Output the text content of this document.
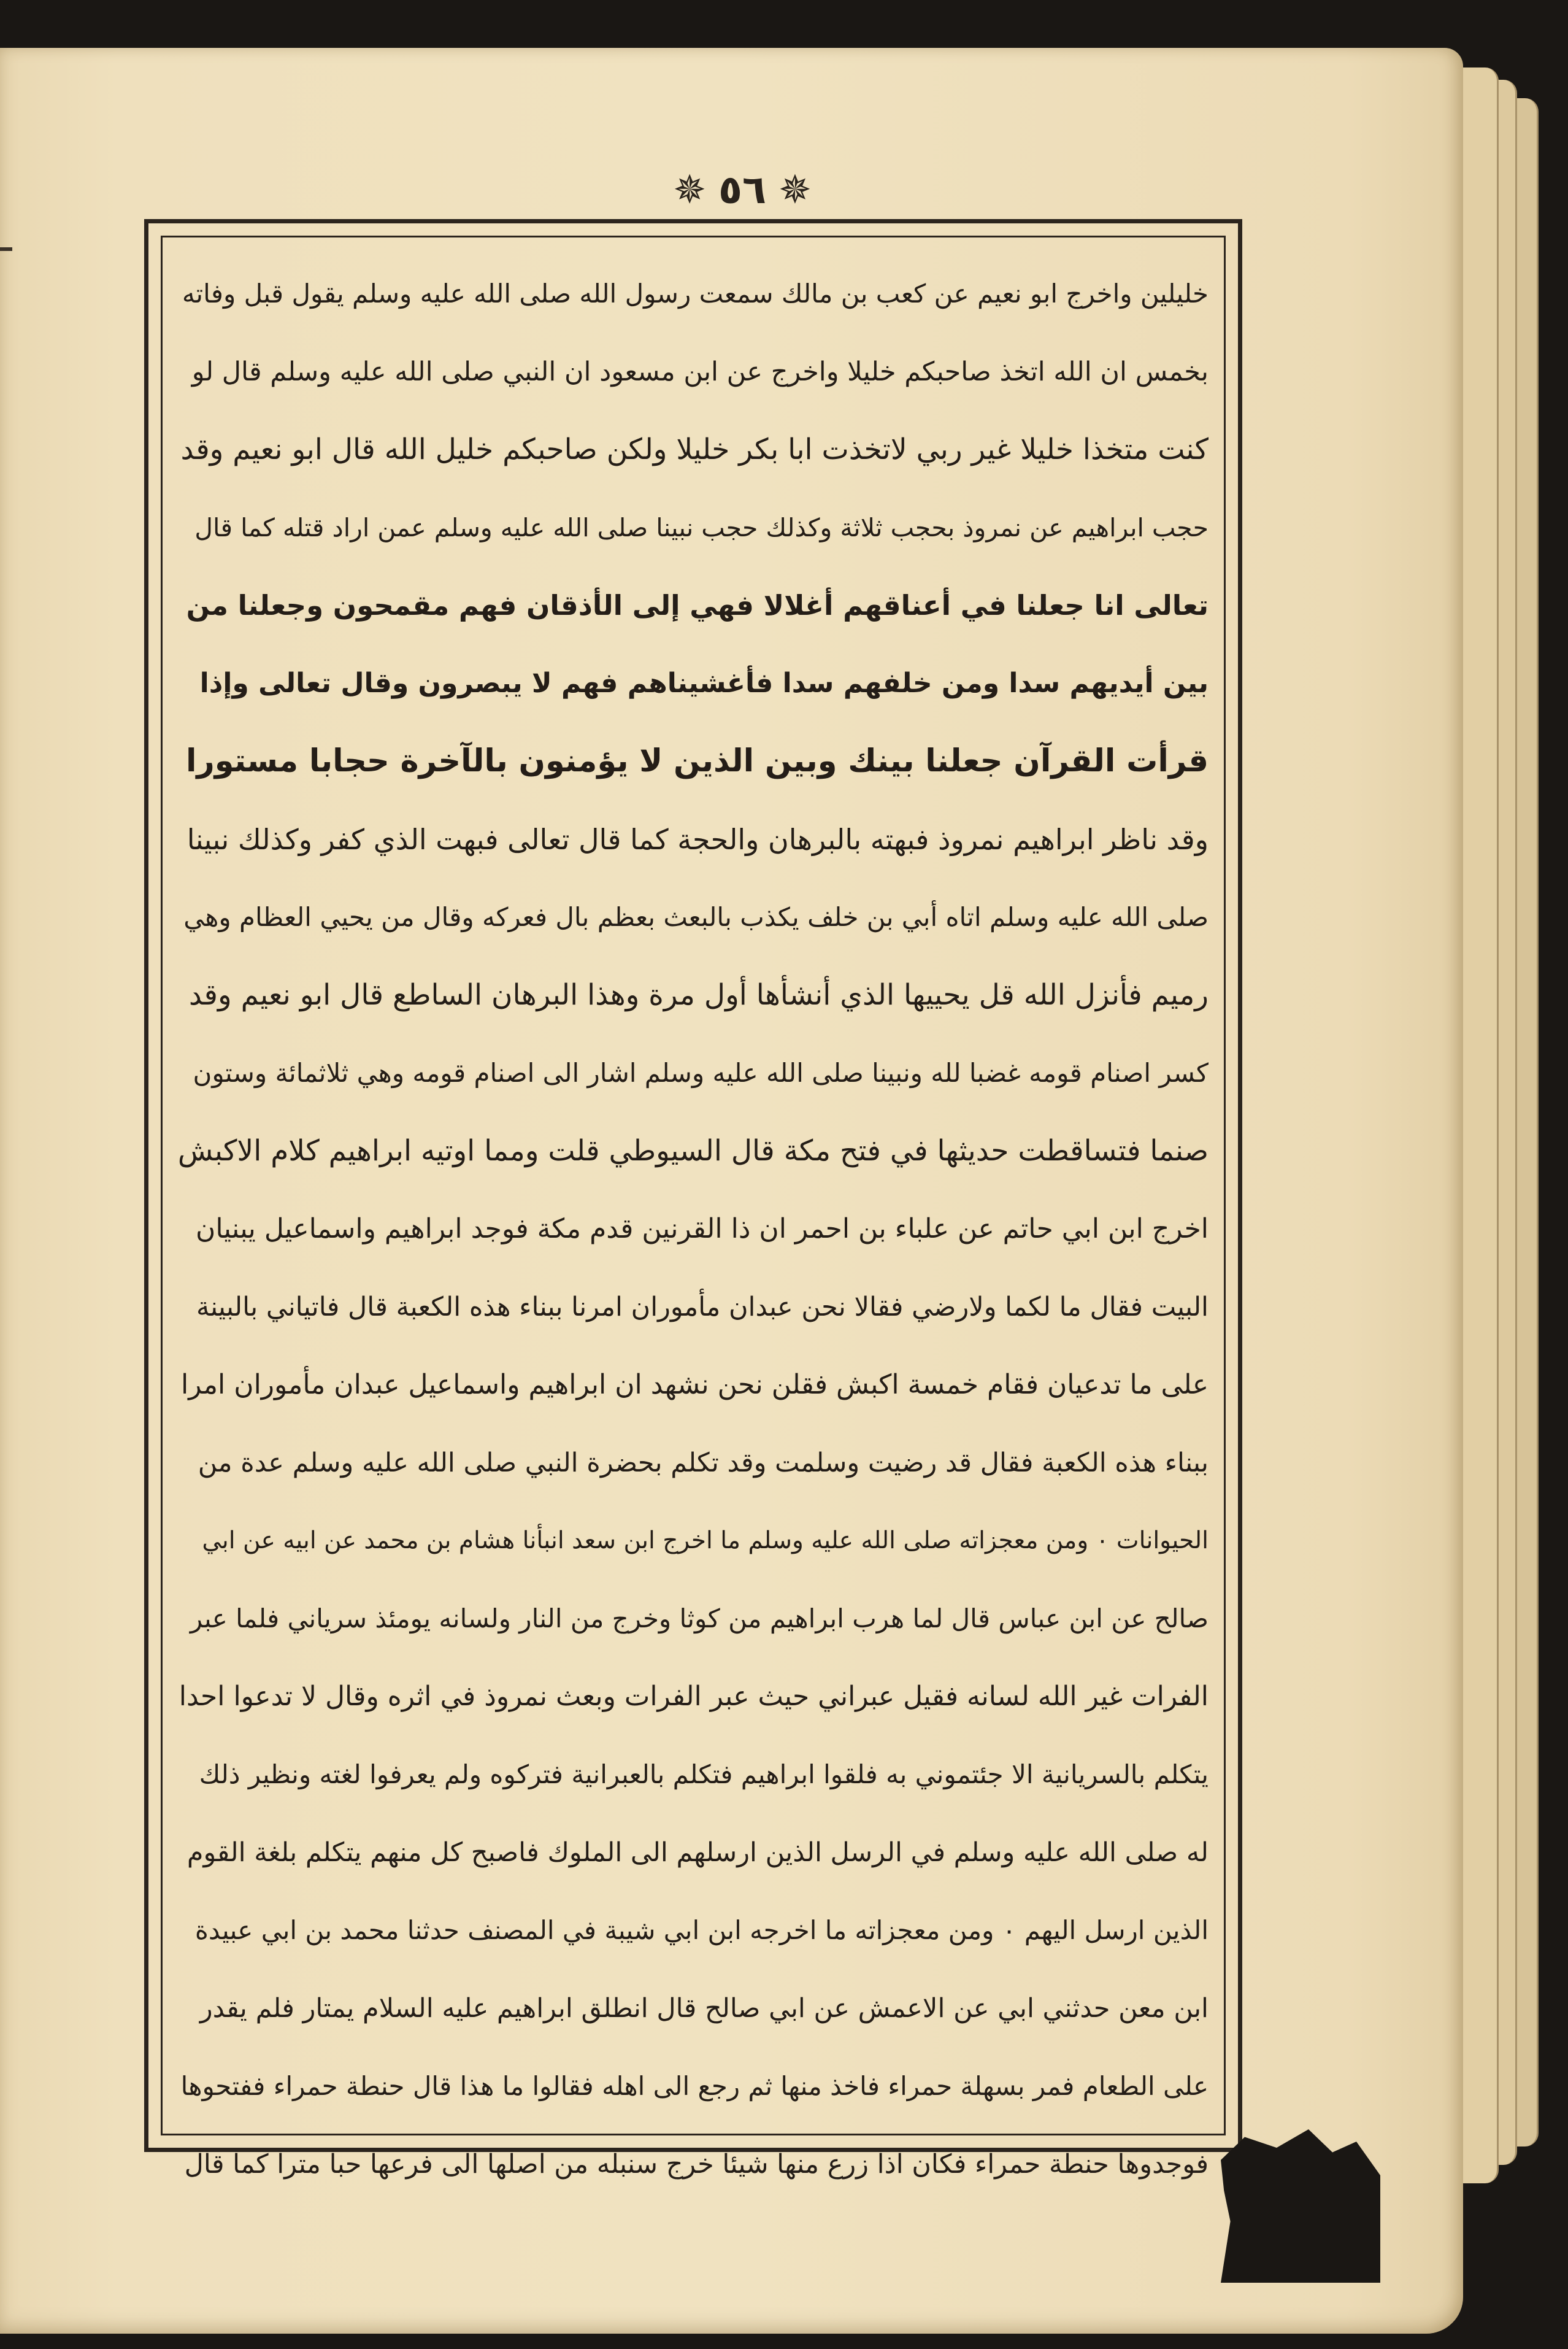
✵ ٥٦ ✵
خليلين واخرج ابو نعيم عن كعب بن مالك سمعت رسول الله صلى الله عليه وسلم يقول قبل وفاته
بخمس ان الله اتخذ صاحبكم خليلا واخرج عن ابن مسعود ان النبي صلى الله عليه وسلم قال لو
كنت متخذا خليلا غير ربي لاتخذت ابا بكر خليلا ولكن صاحبكم خليل الله قال ابو نعيم وقد
حجب ابراهيم عن نمروذ بحجب ثلاثة وكذلك حجب نبينا صلى الله عليه وسلم عمن اراد قتله كما قال
تعالى انا جعلنا في أعناقهم أغلالا فهي إلى الأذقان فهم مقمحون وجعلنا من
بين أيديهم سدا ومن خلفهم سدا فأغشيناهم فهم لا يبصرون وقال تعالى وإذا
قرأت القرآن جعلنا بينك وبين الذين لا يؤمنون بالآخرة حجابا مستورا
وقد ناظر ابراهيم نمروذ فبهته بالبرهان والحجة كما قال تعالى فبهت الذي كفر وكذلك نبينا
صلى الله عليه وسلم اتاه أبي بن خلف يكذب بالبعث بعظم بال فعركه وقال من يحيي العظام وهي
رميم فأنزل الله قل يحييها الذي أنشأها أول مرة وهذا البرهان الساطع قال ابو نعيم وقد
كسر اصنام قومه غضبا لله ونبينا صلى الله عليه وسلم اشار الى اصنام قومه وهي ثلاثمائة وستون
صنما فتساقطت حديثها في فتح مكة قال السيوطي قلت ومما اوتيه ابراهيم كلام الاكبش
اخرج ابن ابي حاتم عن علباء بن احمر ان ذا القرنين قدم مكة فوجد ابراهيم واسماعيل يبنيان
البيت فقال ما لكما ولارضي فقالا نحن عبدان مأموران امرنا ببناء هذه الكعبة قال فاتياني بالبينة
على ما تدعيان فقام خمسة اكبش فقلن نحن نشهد ان ابراهيم واسماعيل عبدان مأموران امرا
ببناء هذه الكعبة فقال قد رضيت وسلمت وقد تكلم بحضرة النبي صلى الله عليه وسلم عدة من
الحيوانات ٠ ومن معجزاته صلى الله عليه وسلم ما اخرج ابن سعد انبأنا هشام بن محمد عن ابيه عن ابي
صالح عن ابن عباس قال لما هرب ابراهيم من كوثا وخرج من النار ولسانه يومئذ سرياني فلما عبر
الفرات غير الله لسانه فقيل عبراني حيث عبر الفرات وبعث نمروذ في اثره وقال لا تدعوا احدا
يتكلم بالسريانية الا جئتموني به فلقوا ابراهيم فتكلم بالعبرانية فتركوه ولم يعرفوا لغته ونظير ذلك
له صلى الله عليه وسلم في الرسل الذين ارسلهم الى الملوك فاصبح كل منهم يتكلم بلغة القوم
الذين ارسل اليهم ٠ ومن معجزاته ما اخرجه ابن ابي شيبة في المصنف حدثنا محمد بن ابي عبيدة
ابن معن حدثني ابي عن الاعمش عن ابي صالح قال انطلق ابراهيم عليه السلام يمتار فلم يقدر
على الطعام فمر بسهلة حمراء فاخذ منها ثم رجع الى اهله فقالوا ما هذا قال حنطة حمراء ففتحوها
فوجدوها حنطة حمراء فكان اذا زرع منها شيئا خرج سنبله من اصلها الى فرعها حبا مترا كما قال
